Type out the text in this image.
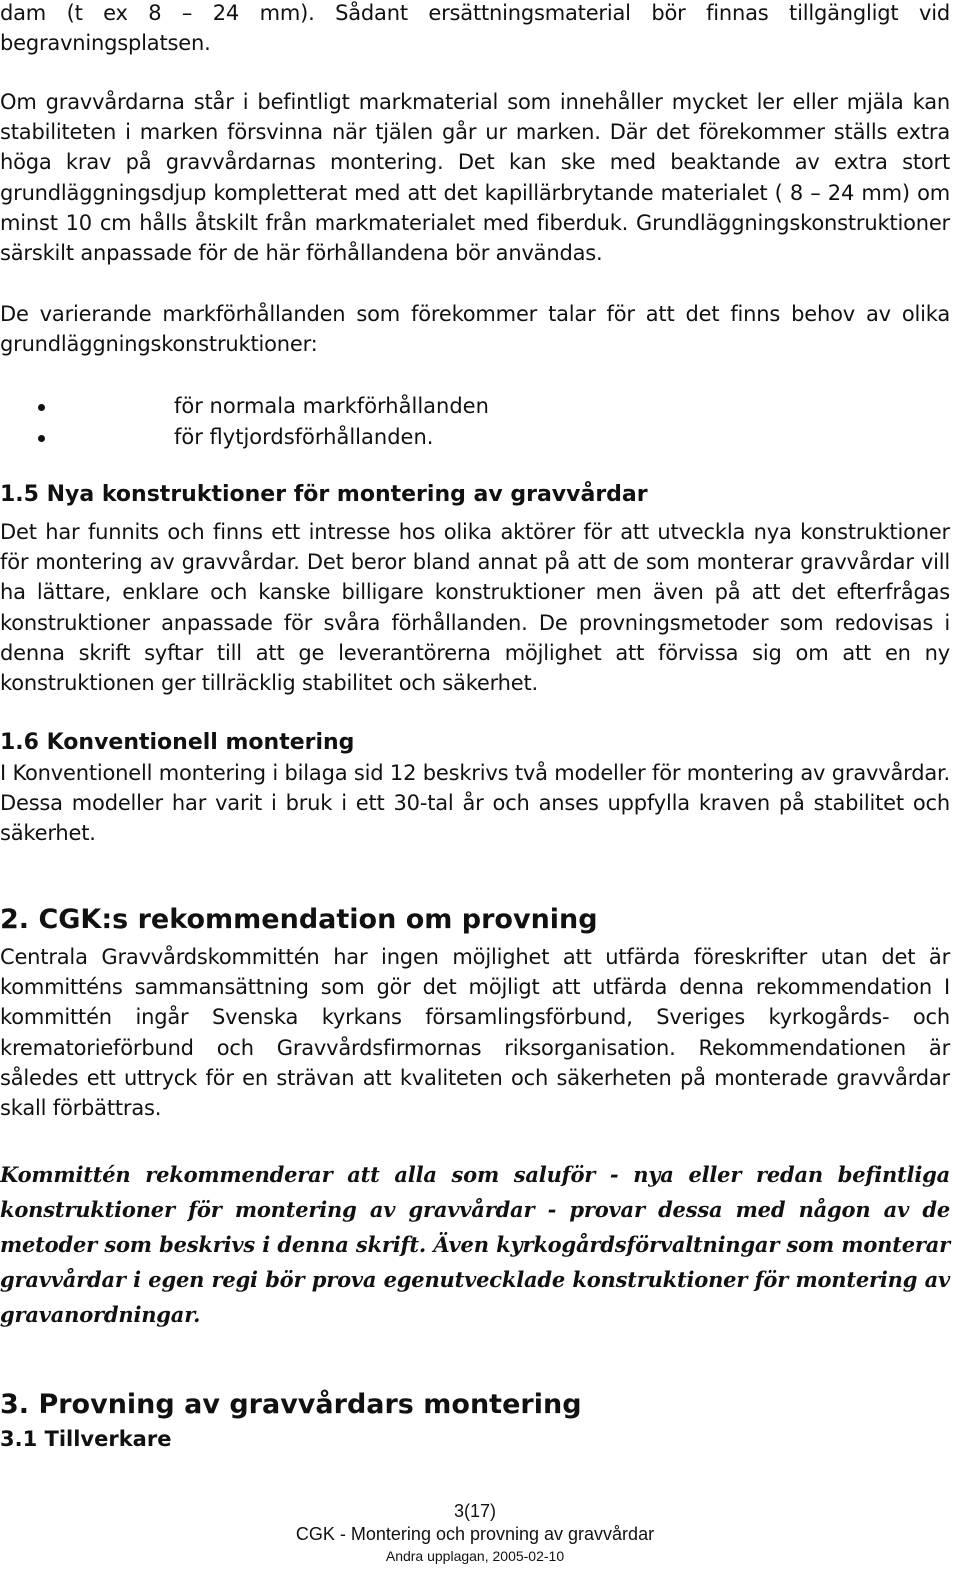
dam (t ex 8 – 24 mm). Sådant ersättningsmaterial bör finnas tillgängligt vid begravningsplatsen.

Om gravvårdarna står i befintligt markmaterial som innehåller mycket ler eller mjäla kan stabiliteten i marken försvinna när tjälen går ur marken. Där det förekommer ställs extra höga krav på gravvårdarnas montering. Det kan ske med beaktande av extra stort grundläggningsdjup kompletterat med att det kapillärbrytande materialet ( 8 – 24 mm) om minst 10 cm hålls åtskilt från markmaterialet med fiberduk. Grundläggningskonstruktioner särskilt anpassade för de här förhållandena bör användas.

De varierande markförhållanden som förekommer talar för att det finns behov av olika grundläggningskonstruktioner:

för normala markförhållanden
för flytjordsförhållanden.
1.5 Nya konstruktioner för montering av gravvårdar

Det har funnits och finns ett intresse hos olika aktörer för att utveckla nya konstruktioner för montering av gravvårdar. Det beror bland annat på att de som monterar gravvårdar vill ha lättare, enklare och kanske billigare konstruktioner men även på att det efterfrågas konstruktioner anpassade för svåra förhållanden. De provningsmetoder som redovisas i denna skrift syftar till att ge leverantörerna möjlighet att förvissa sig om att en ny konstruktionen ger tillräcklig stabilitet och säkerhet.

1.6 Konventionell montering

I Konventionell montering i bilaga sid 12 beskrivs två modeller för montering av gravvårdar. Dessa modeller har varit i bruk i ett 30-tal år och anses uppfylla kraven på stabilitet och säkerhet.

2. CGK:s rekommendation om provning

Centrala Gravvårdskommittén har ingen möjlighet att utfärda föreskrifter utan det är kommitténs sammansättning som gör det möjligt att utfärda denna rekommendation I kommittén ingår Svenska kyrkans församlingsförbund, Sveriges kyrkogårds- och krematorieförbund och Gravvårdsfirmornas riksorganisation. Rekommendationen är således ett uttryck för en strävan att kvaliteten och säkerheten på monterade gravvårdar skall förbättras.

Kommittén rekommenderar att alla som saluför - nya eller redan befintliga konstruktioner för montering av gravvårdar - provar dessa med någon av de metoder som beskrivs i denna skrift. Även kyrkogårdsförvaltningar som monterar gravvårdar i egen regi bör prova egenutvecklade konstruktioner för montering av gravanordningar.

3. Provning av gravvårdars montering
3.1 Tillverkare
3(17)
CGK - Montering och provning av gravvårdar
Andra upplagan, 2005-02-10
